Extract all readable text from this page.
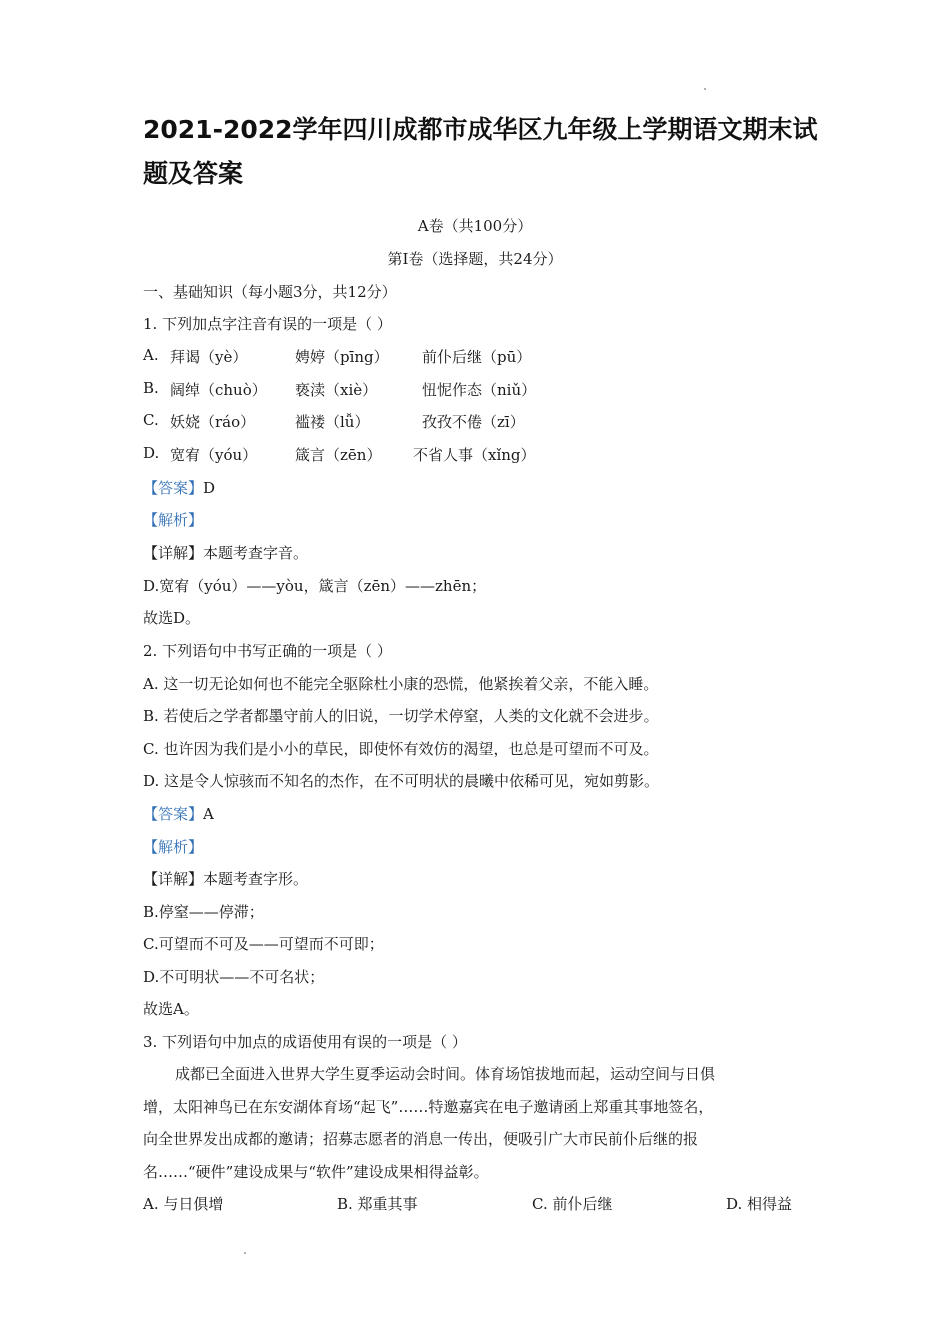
2021-2022学年四川成都市成华区九年级上学期语文期末试
题及答案
A卷（共100分）
第Ⅰ卷（选择题，共24分）
一、基础知识（每小题3分，共12分）
1. 下列加点字注音有误的一项是（ ）
A. 拜谒（yè）	娉婷（pīng） 前仆后继（pū）
B. 阔绰（chuò） 亵渎（xiè）	忸怩作态（niǔ）
C. 妖娆（ráo）	褴褛（lǚ）	孜孜不倦（zī）
D. 宽宥（yóu）	箴言（zēn） 不省人事（xǐng）
【答案】D
【解析】
【详解】本题考查字音。
D.宽宥（yóu）——yòu，箴言（zēn）——zhēn；
故选D。
2. 下列语句中书写正确的一项是（ ）
A. 这一切无论如何也不能完全驱除杜小康的恐慌，他紧挨着父亲，不能入睡。
B. 若使后之学者都墨守前人的旧说，一切学术停窒，人类的文化就不会进步。
C. 也许因为我们是小小的草民，即使怀有效仿的渴望，也总是可望而不可及。
D. 这是令人惊骇而不知名的杰作，在不可明状的晨曦中依稀可见，宛如剪影。
【答案】A
【解析】
【详解】本题考查字形。
B.停窒——停滞；
C.可望而不可及——可望而不可即；
D.不可明状——不可名状；
故选A。
3. 下列语句中加点的成语使用有误的一项是（ ）
成都已全面进入世界大学生夏季运动会时间。体育场馆拔地而起，运动空间与日俱
增，太阳神鸟已在东安湖体育场“起飞”……特邀嘉宾在电子邀请函上郑重其事地签名，
向全世界发出成都的邀请；招募志愿者的消息一传出，便吸引广大市民前仆后继的报
名……“硬件”建设成果与“软件”建设成果相得益彰。
A. 与日俱增	B. 郑重其事	C. 前仆后继	D. 相得益
